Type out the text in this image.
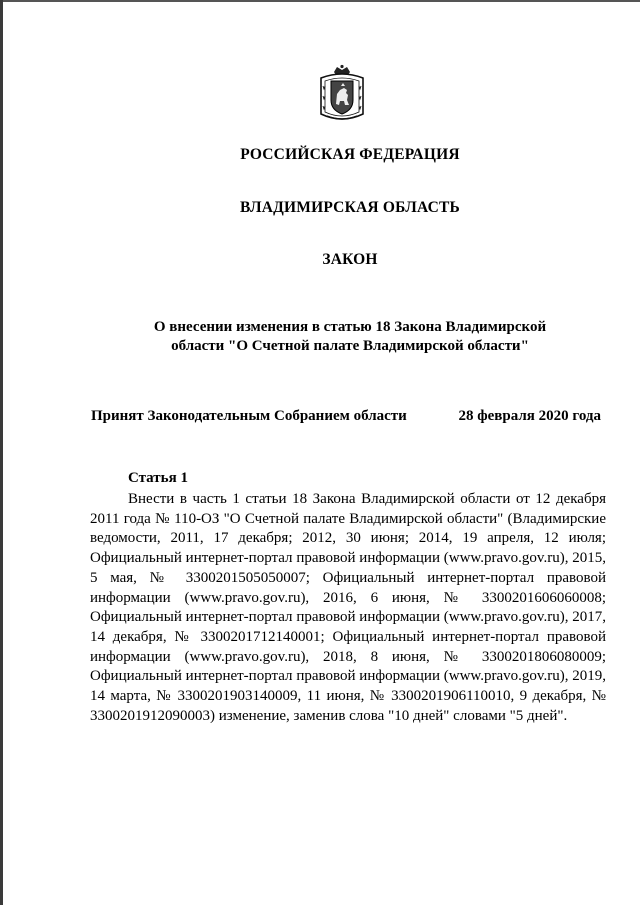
РОССИЙСКАЯ ФЕДЕРАЦИЯ
ВЛАДИМИРСКАЯ ОБЛАСТЬ
ЗАКОН
О внесении изменения в статью 18 Закона Владимирской области "О Счетной палате Владимирской области"
Принят Законодательным Собранием области	28 февраля 2020 года
Статья 1

Внести в часть 1 статьи 18 Закона Владимирской области от 12 декабря 2011 года № 110-ОЗ "О Счетной палате Владимирской области" (Владимирские ведомости, 2011, 17 декабря; 2012, 30 июня; 2014, 19 апреля, 12 июля; Официальный интернет-портал правовой информации (www.pravo.gov.ru), 2015, 5 мая, № 3300201505050007; Официальный интернет-портал правовой информации (www.pravo.gov.ru), 2016, 6 июня, № 3300201606060008; Официальный интернет-портал правовой информации (www.pravo.gov.ru), 2017, 14 декабря, № 3300201712140001; Официальный интернет-портал правовой информации (www.pravo.gov.ru), 2018, 8 июня, № 3300201806080009; Официальный интернет-портал правовой информации (www.pravo.gov.ru), 2019, 14 марта, № 3300201903140009, 11 июня, № 3300201906110010, 9 декабря, № 3300201912090003) изменение, заменив слова "10 дней" словами "5 дней".
